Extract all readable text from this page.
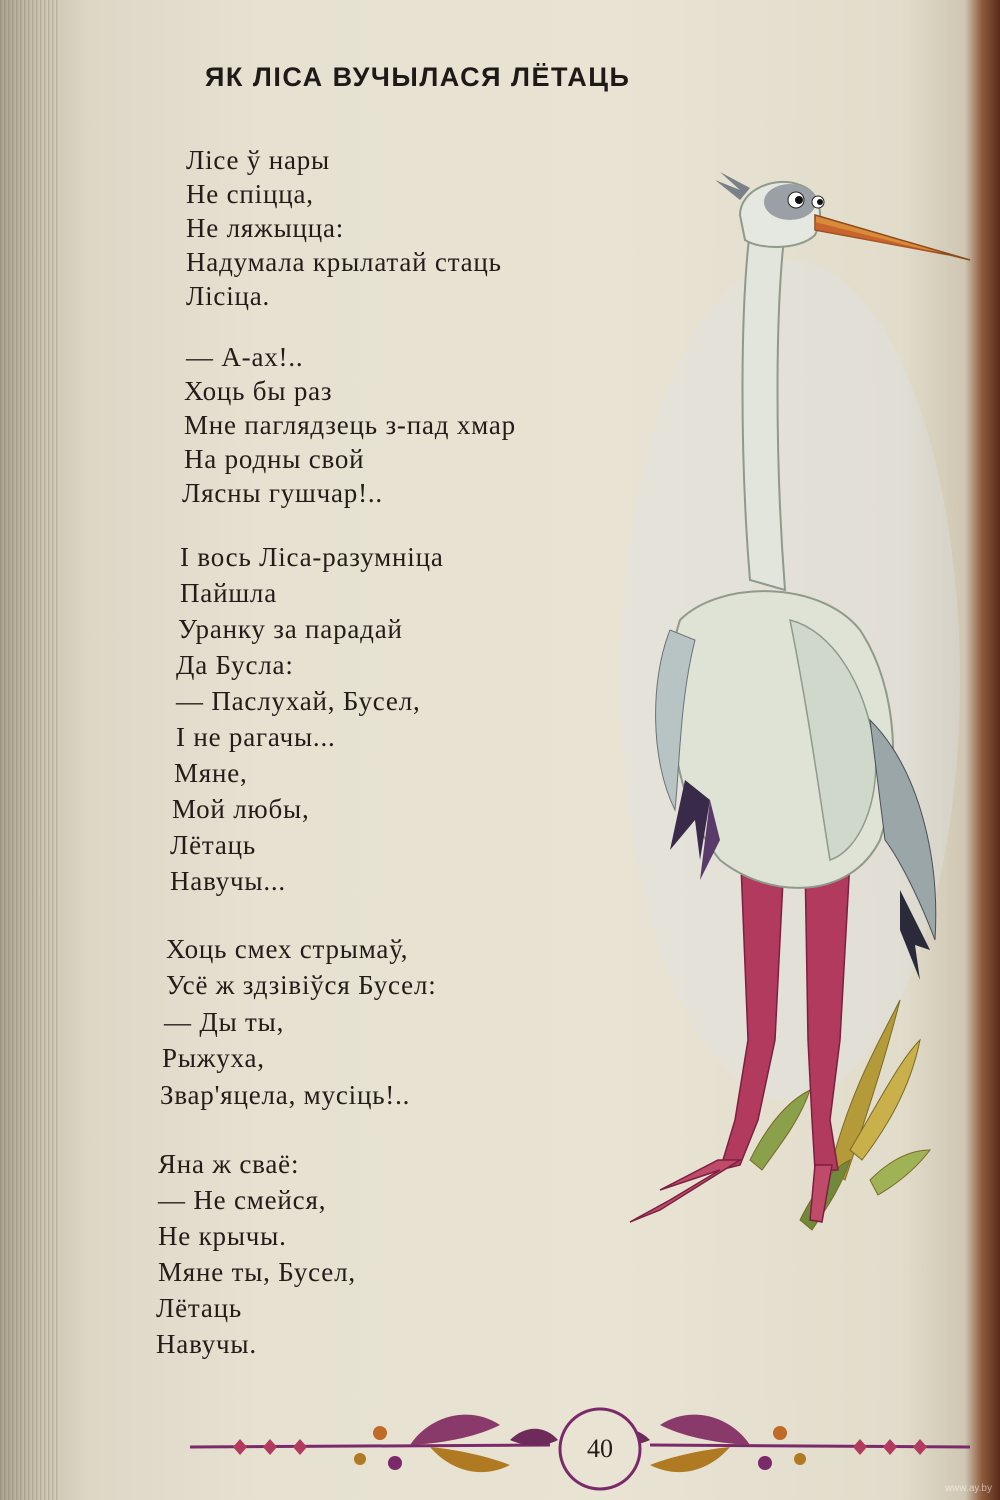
ЯК ЛІСА ВУЧЫЛАСЯ ЛЁТАЦЬ
Лісе ў нары
Не спіцца,
Не ляжыцца:
Надумала крылатай стаць
Лісіца.
— А-ах!..
Хоць бы раз
Мне паглядзець з-пад хмар
На родны свой
Лясны гушчар!..
І вось Ліса-разумніца
Пайшла
Уранку за парадай
Да Бусла:
— Паслухай, Бусел,
І не рагачы...
Мяне,
Мой любы,
Лётаць
Навучы...
Хоць смех стрымаў,
Усё ж здзівіўся Бусел:
— Ды ты,
Рыжуха,
Звар'яцела, мусіць!..
Яна ж сваё:
— Не смейся,
Не крычы.
Мяне ты, Бусел,
Лётаць
Навучы.
40
www.ay.by
